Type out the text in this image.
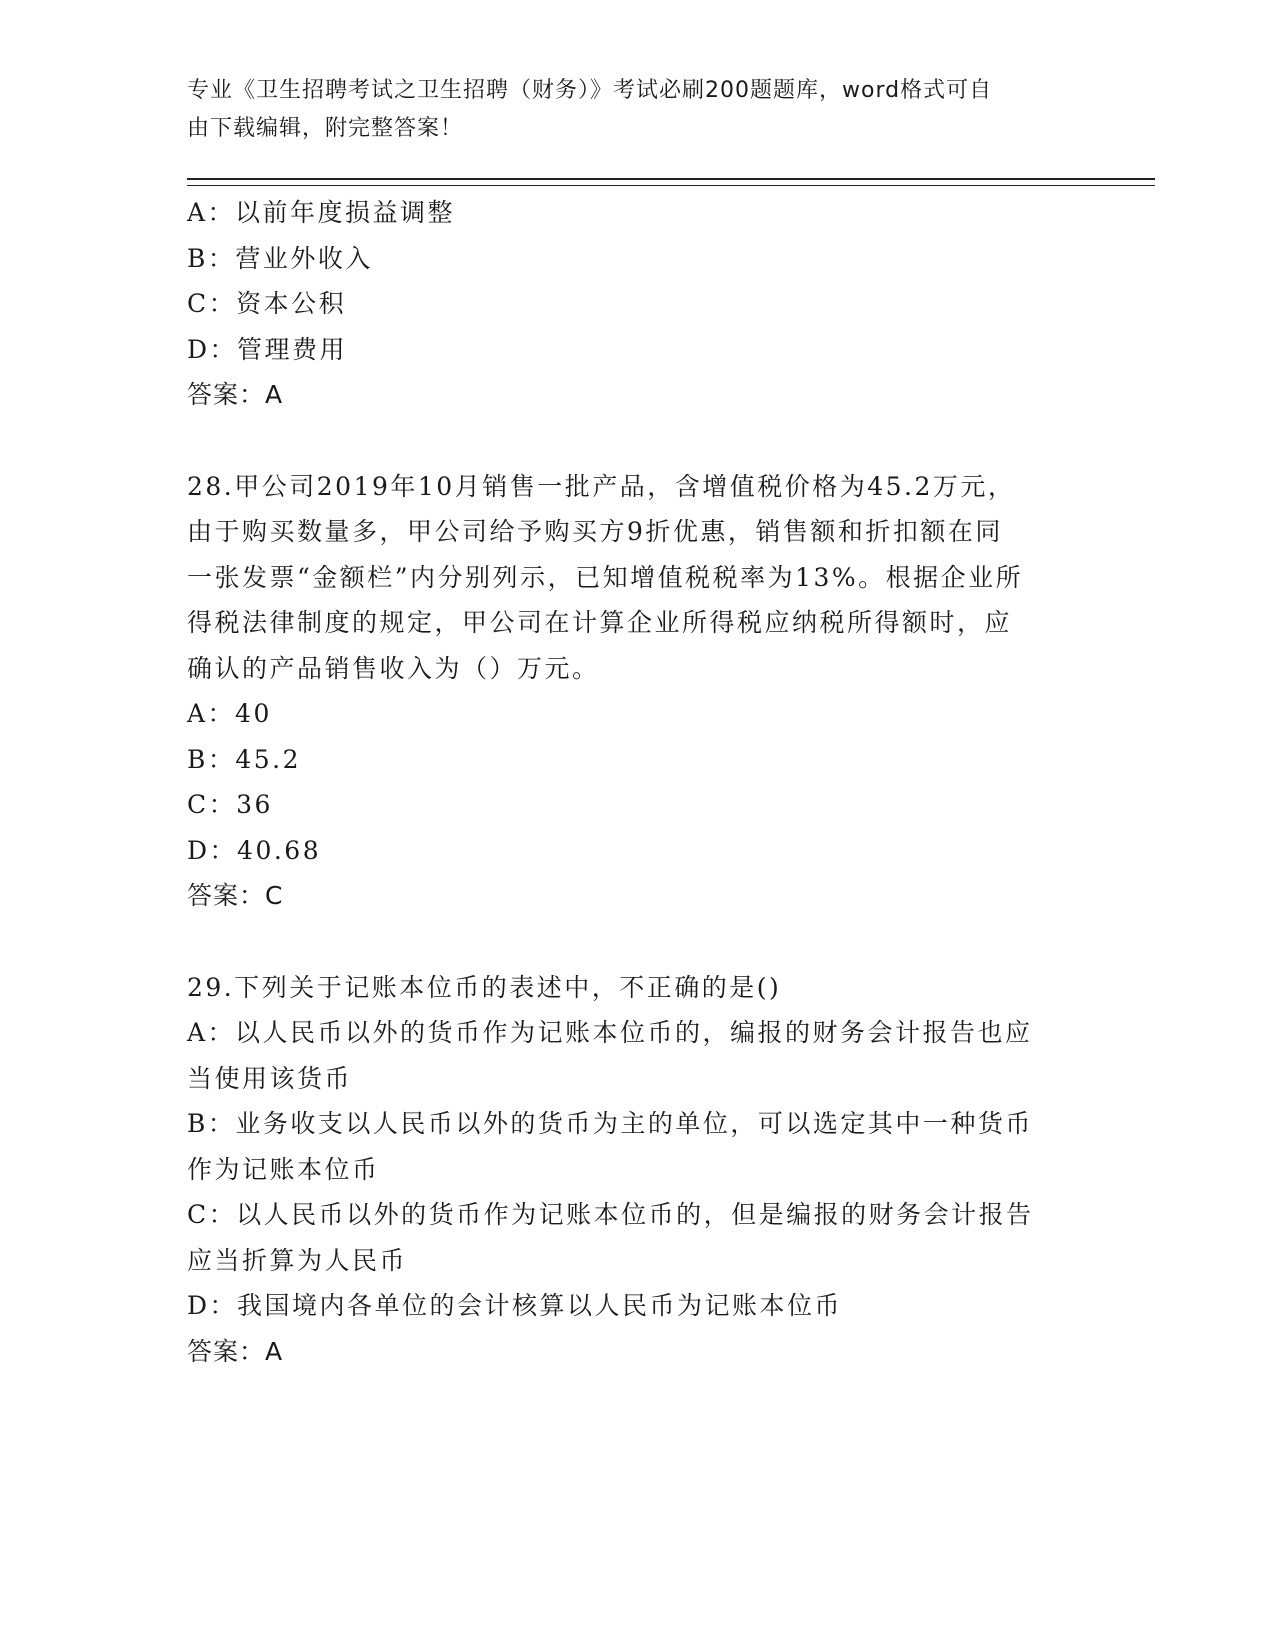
专业《卫生招聘考试之卫生招聘（财务）》考试必刷200题题库，word格式可自
由下载编辑，附完整答案！

A：以前年度损益调整

B：营业外收入

C：资本公积

D：管理费用

答案：A

28.甲公司2019年10月销售一批产品，含增值税价格为45.2万元，

由于购买数量多，甲公司给予购买方9折优惠，销售额和折扣额在同

一张发票“金额栏”内分别列示，已知增值税税率为13%。根据企业所

得税法律制度的规定，甲公司在计算企业所得税应纳税所得额时，应

确认的产品销售收入为（）万元。

A：40

B：45.2

C：36

D：40.68

答案：C

29.下列关于记账本位币的表述中，不正确的是()

A：以人民币以外的货币作为记账本位币的，编报的财务会计报告也应

当使用该货币

B：业务收支以人民币以外的货币为主的单位，可以选定其中一种货币

作为记账本位币

C：以人民币以外的货币作为记账本位币的，但是编报的财务会计报告

应当折算为人民币

D：我国境内各单位的会计核算以人民币为记账本位币

答案：A
